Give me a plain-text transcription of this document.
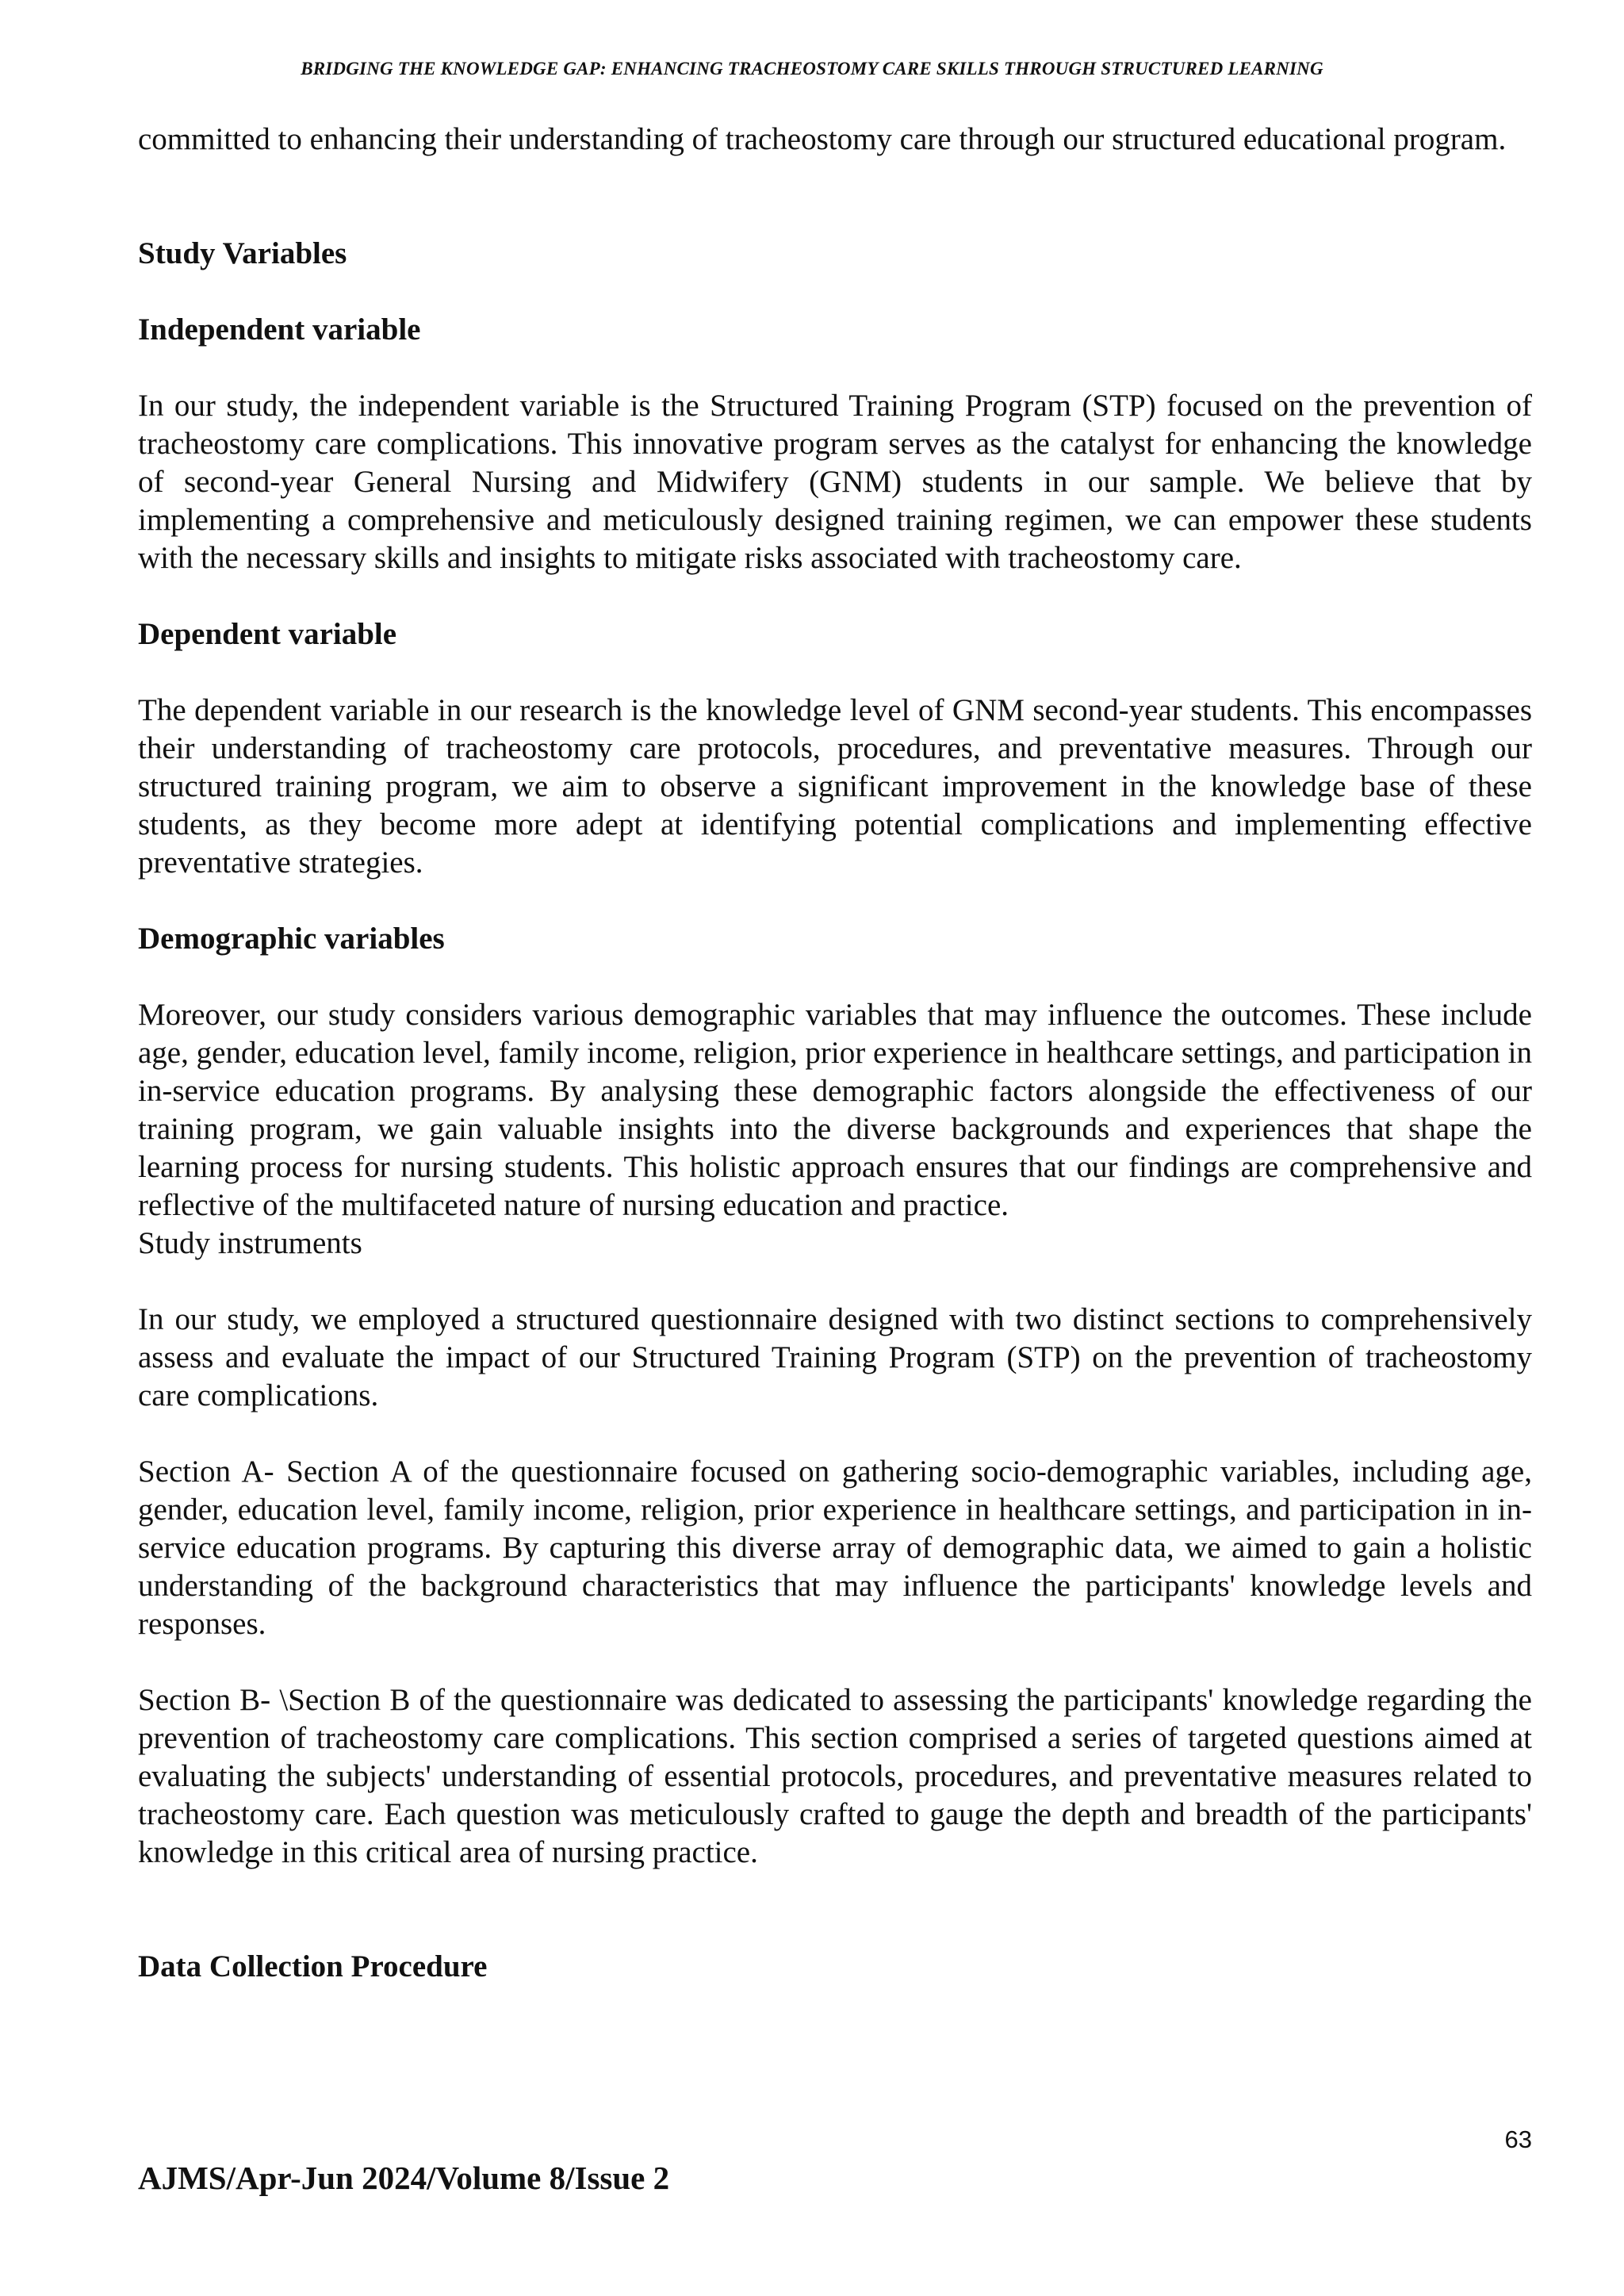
BRIDGING THE KNOWLEDGE GAP: ENHANCING TRACHEOSTOMY CARE SKILLS THROUGH STRUCTURED LEARNING

committed to enhancing their understanding of tracheostomy care through our structured educational program.

Study Variables
Independent variable

In our study, the independent variable is the Structured Training Program (STP) focused on the prevention of tracheostomy care complications. This innovative program serves as the catalyst for enhancing the knowledge of second-year General Nursing and Midwifery (GNM) students in our sample. We believe that by implementing a comprehensive and meticulously designed training regimen, we can empower these students with the necessary skills and insights to mitigate risks associated with tracheostomy care.

Dependent variable

The dependent variable in our research is the knowledge level of GNM second-year students. This encompasses their understanding of tracheostomy care protocols, procedures, and preventative measures. Through our structured training program, we aim to observe a significant improvement in the knowledge base of these students, as they become more adept at identifying potential complications and implementing effective preventative strategies.

Demographic variables

Moreover, our study considers various demographic variables that may influence the outcomes. These include age, gender, education level, family income, religion, prior experience in healthcare settings, and participation in in-service education programs. By analysing these demographic factors alongside the effectiveness of our training program, we gain valuable insights into the diverse backgrounds and experiences that shape the learning process for nursing students. This holistic approach ensures that our findings are comprehensive and reflective of the multifaceted nature of nursing education and practice.

Study instruments

In our study, we employed a structured questionnaire designed with two distinct sections to comprehensively assess and evaluate the impact of our Structured Training Program (STP) on the prevention of tracheostomy care complications.

Section A- Section A of the questionnaire focused on gathering socio-demographic variables, including age, gender, education level, family income, religion, prior experience in healthcare settings, and participation in in-service education programs. By capturing this diverse array of demographic data, we aimed to gain a holistic understanding of the background characteristics that may influence the participants' knowledge levels and responses.

Section B- \Section B of the questionnaire was dedicated to assessing the participants' knowledge regarding the prevention of tracheostomy care complications. This section comprised a series of targeted questions aimed at evaluating the subjects' understanding of essential protocols, procedures, and preventative measures related to tracheostomy care. Each question was meticulously crafted to gauge the depth and breadth of the participants' knowledge in this critical area of nursing practice.

Data Collection Procedure
63
AJMS/Apr-Jun 2024/Volume 8/Issue 2
